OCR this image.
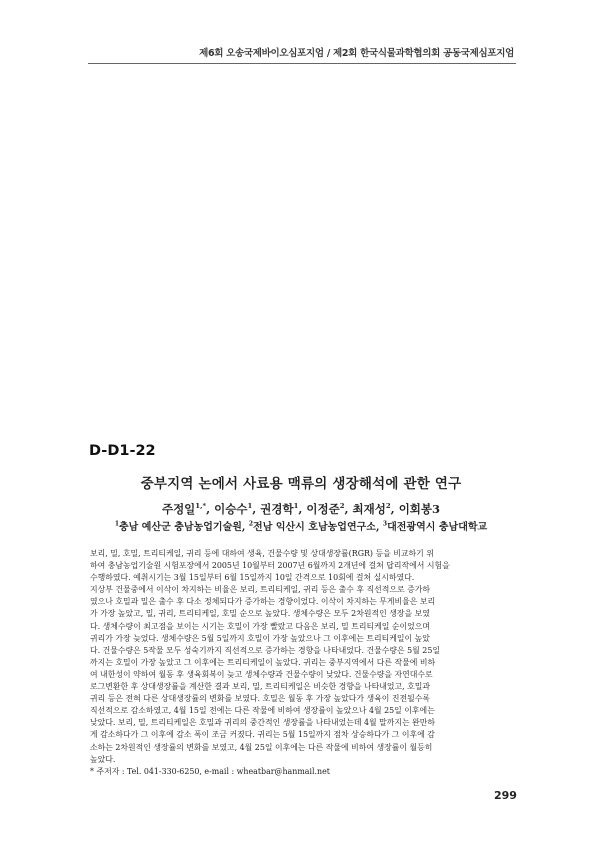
제6회 오송국제바이오심포지엄 / 제2회 한국식물과학협의회 공동국제심포지엄
D-D1-22
중부지역 논에서 사료용 맥류의 생장해석에 관한 연구
주정일$^{1,*}$, 이승수$^1$, 권경학$^1$, 이정준$^2$, 최재성$^2$, 이회봉3
$^1$충남 예산군 충남농업기술원, $^2$전남 익산시 호남농업연구소, $^3$대전광역시 충남대학교
보리, 밀, 호밀, 트리티케일, 귀리 등에 대하여 생육, 건물수량 및 상대생장률(RGR) 등을 비교하기 위
하여 충남농업기술원 시험포장에서 2005년 10월부터 2007년 6월까지 2개년에 걸쳐 답리작에서 시험을
수행하였다. 예취시기는 3월 15일부터 6월 15일까지 10일 간격으로 10회에 걸쳐 실시하였다.
지상부 건물중에서 이삭이 차지하는 비율은 보리, 트리티케일, 귀리 등은 출수 후 직선적으로 증가하
였으나 호밀과 밀은 출수 후 다소 정체되다가 증가하는 경향이었다. 이삭이 차지하는 무게비율은 보리
가 가장 높았고, 밀, 귀리, 트리티케일, 호밀 순으로 높았다. 생체수량은 모두 2차원적인 생장을 보였
다. 생체수량이 최고점을 보이는 시기는 호밀이 가장 빨랐고 다음은 보리, 밀 트리티케일 순이었으며
귀리가 가장 늦었다. 생체수량은 5월 5일까지 호밀이 가장 높았으나 그 이후에는 트리티케일이 높았
다. 건물수량은 5작물 모두 성숙기까지 직선적으로 증가하는 경향을 나타내었다. 건물수량은 5월 25일
까지는 호밀이 가장 높았고 그 이후에는 트리티케일이 높았다. 귀리는 중부지역에서 다른 작물에 비하
여 내한성이 약하여 월동 후 생육회복이 늦고 생체수량과 건물수량이 낮았다. 건물수량을 자연대수로
로그변환한 후 상대생장률을 계산한 결과 보리, 밀, 트리티케일은 비슷한 경향을 나타내었고, 호밀과
귀리 등은 전혀 다른 상대생장률의 변화를 보였다. 호밀은 월동 후 가장 높았다가 생육이 진전될수록
직선적으로 감소하였고, 4월 15일 전에는 다른 작물에 비하여 생장률이 높았으나 4월 25일 이후에는
낮았다. 보리, 밀, 트리티케일은 호밀과 귀리의 중간적인 생장률을 나타내었는데 4월 말까지는 완만하
게 감소하다가 그 이후에 감소 폭이 조금 커졌다. 귀리는 5월 15일까지 점차 상승하다가 그 이후에 감
소하는 2차원적인 생장률의 변화를 보였고, 4월 25일 이후에는 다른 작물에 비하여 생장률이 월등히
높았다.
* 주저자 : Tel. 041-330-6250, e-mail : wheatbar@hanmail.net
299
